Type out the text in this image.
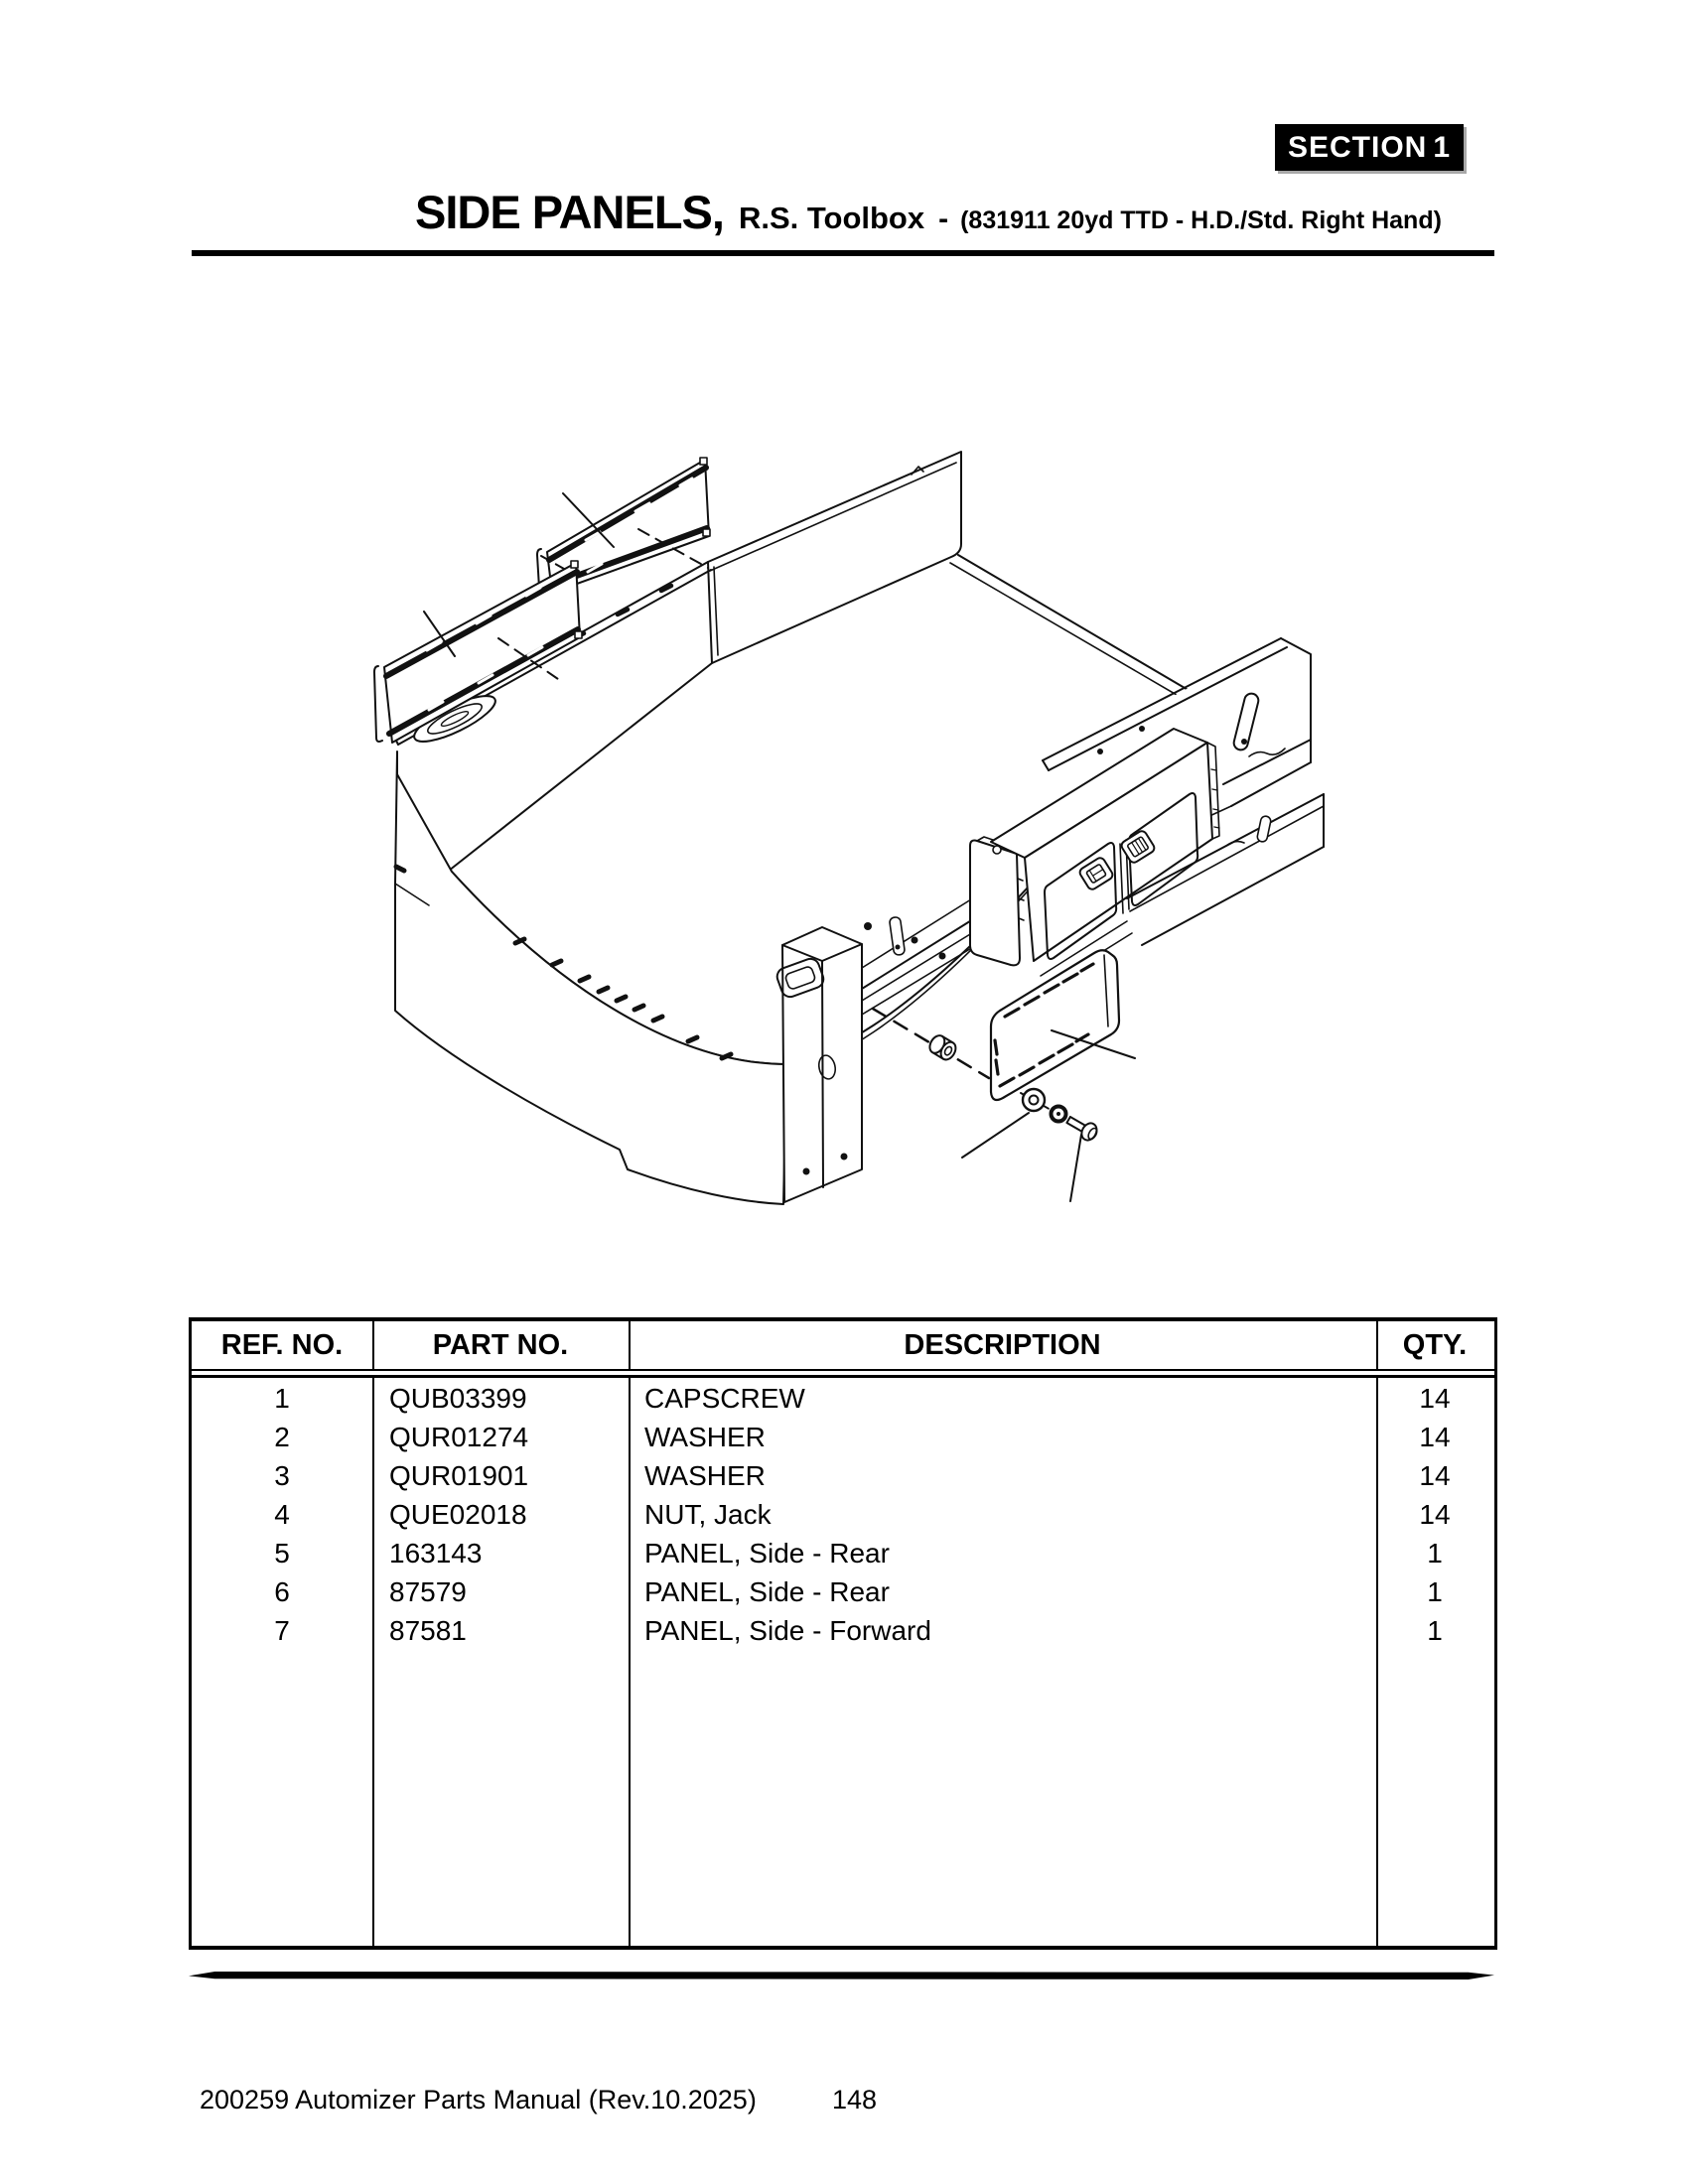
SECTION 1
SIDE PANELS, R.S. Toolbox - (831911 20yd TTD - H.D./Std. Right Hand)
REF. NO.	PART NO.	DESCRIPTION	QTY.
1	QUB03399	CAPSCREW	14
2	QUR01274	WASHER	14
3	QUR01901	WASHER	14
4	QUE02018	NUT, Jack	14
5	163143	PANEL, Side - Rear	1
6	87579	PANEL, Side - Rear	1
7	87581	PANEL, Side - Forward	1
200259 Automizer Parts Manual (Rev.10.2025)	148
